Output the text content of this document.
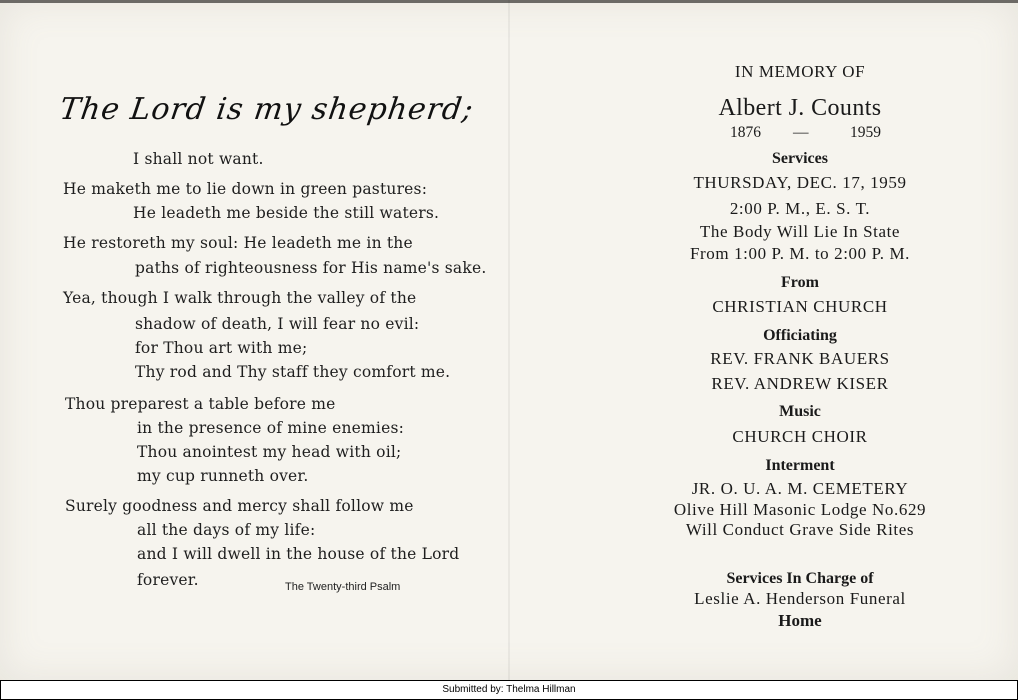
The Lord is my shepherd;
I shall not want.
He maketh me to lie down in green pastures:
He leadeth me beside the still waters.
He restoreth my soul: He leadeth me in the
paths of righteousness for His name's sake.
Yea, though I walk through the valley of the
shadow of death, I will fear no evil:
for Thou art with me;
Thy rod and Thy staff they comfort me.
Thou preparest a table before me
in the presence of mine enemies:
Thou anointest my head with oil;
my cup runneth over.
Surely goodness and mercy shall follow me
all the days of my life:
and I will dwell in the house of the Lord
forever.	The Twenty-third Psalm
IN MEMORY OF
Albert J. Counts
1876 —	1959
Services
THURSDAY, DEC. 17, 1959
2:00 P. M., E. S. T.
The Body Will Lie In State
From 1:00 P. M. to 2:00 P. M.
From
CHRISTIAN CHURCH
Officiating
REV. FRANK BAUERS
REV. ANDREW KISER
Music
CHURCH CHOIR
Interment
JR. O. U. A. M. CEMETERY
Olive Hill Masonic Lodge No.629
Will Conduct Grave Side Rites
Services In Charge of
Leslie A. Henderson Funeral
Home
Submitted by: Thelma Hillman
